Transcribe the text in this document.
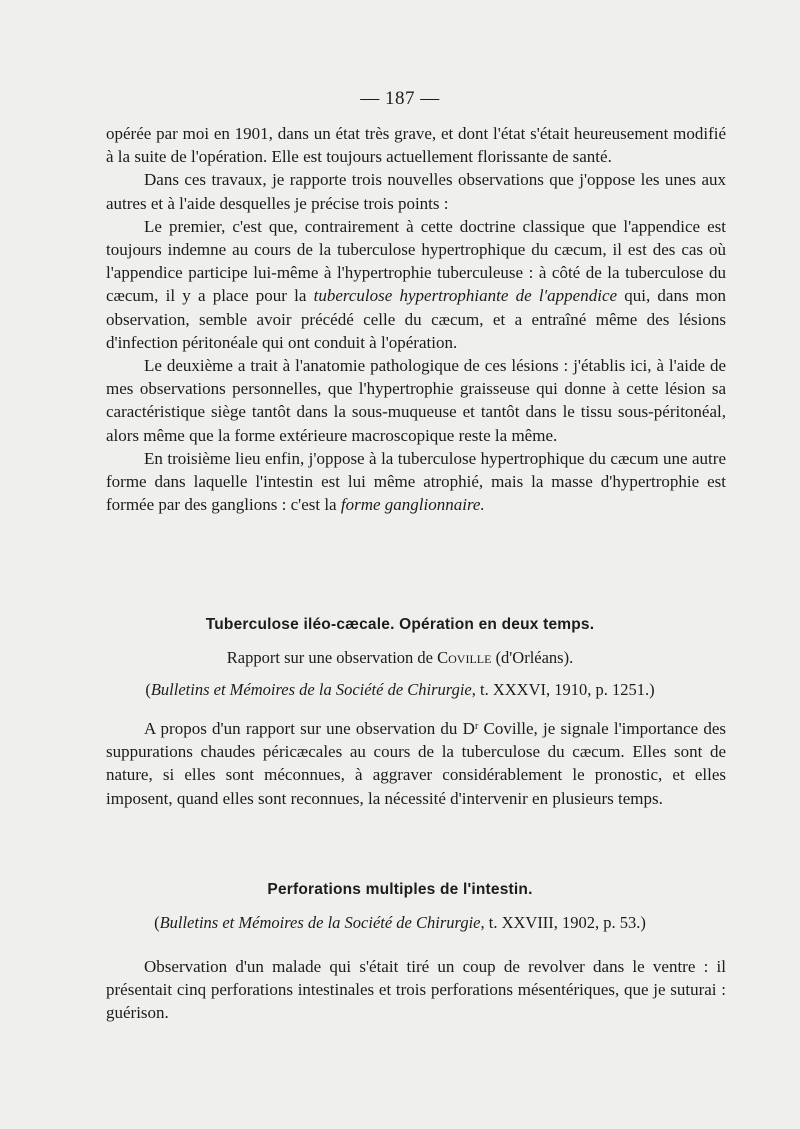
— 187 —

opérée par moi en 1901, dans un état très grave, et dont l'état s'était heureusement modifié à la suite de l'opération. Elle est toujours actuellement florissante de santé.

Dans ces travaux, je rapporte trois nouvelles observations que j'oppose les unes aux autres et à l'aide desquelles je précise trois points :

Le premier, c'est que, contrairement à cette doctrine classique que l'appendice est toujours indemne au cours de la tuberculose hypertrophique du cæcum, il est des cas où l'appendice participe lui-même à l'hypertrophie tuberculeuse : à côté de la tuberculose du cæcum, il y a place pour la tuberculose hypertrophiante de l'appendice qui, dans mon observation, semble avoir précédé celle du cæcum, et a entraîné même des lésions d'infection péritonéale qui ont conduit à l'opération.

Le deuxième a trait à l'anatomie pathologique de ces lésions : j'établis ici, à l'aide de mes observations personnelles, que l'hypertrophie graisseuse qui donne à cette lésion sa caractéristique siège tantôt dans la sous-muqueuse et tantôt dans le tissu sous-péritonéal, alors même que la forme extérieure macroscopique reste la même.

En troisième lieu enfin, j'oppose à la tuberculose hypertrophique du cæcum une autre forme dans laquelle l'intestin est lui même atrophié, mais la masse d'hypertrophie est formée par des ganglions : c'est la forme ganglionnaire.

Tuberculose iléo-cæcale. Opération en deux temps.
Rapport sur une observation de Coville (d'Orléans).
(Bulletins et Mémoires de la Société de Chirurgie, t. XXXVI, 1910, p. 1251.)

A propos d'un rapport sur une observation du $D^r$ Coville, je signale l'importance des suppurations chaudes péricæcales au cours de la tuberculose du cæcum. Elles sont de nature, si elles sont méconnues, à aggraver considérablement le pronostic, et elles imposent, quand elles sont reconnues, la nécessité d'intervenir en plusieurs temps.

Perforations multiples de l'intestin.
(Bulletins et Mémoires de la Société de Chirurgie, t. XXVIII, 1902, p. 53.)

Observation d'un malade qui s'était tiré un coup de revolver dans le ventre : il présentait cinq perforations intestinales et trois perforations mésentériques, que je suturai : guérison.
